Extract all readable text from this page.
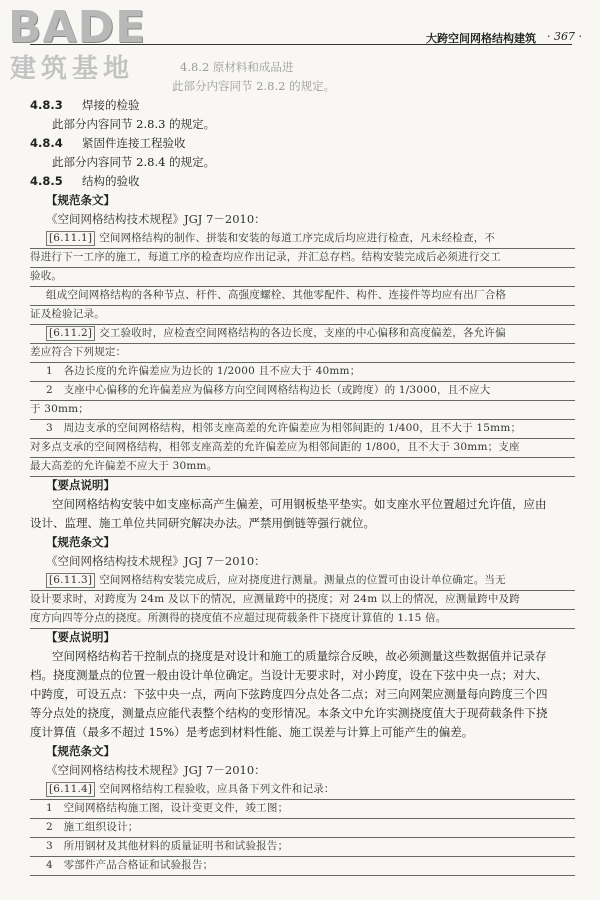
BADE	大跨空间网格结构建筑 · 367 ·
建筑基地	4.8.2 原材料和成品进
此部分内容同节 2.8.2 的规定。
4.8.3 焊接的检验
此部分内容同节 2.8.3 的规定。
4.8.4 紧固件连接工程验收
此部分内容同节 2.8.4 的规定。
4.8.5 结构的验收
【规范条文】
《空间网格结构技术规程》JGJ 7－2010：
[6.11.1] 空间网格结构的制作、拼装和安装的每道工序完成后均应进行检查，凡未经检查，不
得进行下一工序的施工，每道工序的检查均应作出记录，并汇总存档。结构安装完成后必须进行交工
验收。
组成空间网格结构的各种节点、杆件、高强度螺栓、其他零配件、构件、连接件等均应有出厂合格
证及检验记录。
[6.11.2] 交工验收时，应检查空间网格结构的各边长度，支座的中心偏移和高度偏差，各允许偏
差应符合下列规定：
1　各边长度的允许偏差应为边长的 1/2000 且不应大于 40mm；
2　支座中心偏移的允许偏差应为偏移方向空间网格结构边长（或跨度）的 1/3000，且不应大
于 30mm；
3　周边支承的空间网格结构，相邻支座高差的允许偏差应为相邻间距的 1/400，且不大于 15mm；
对多点支承的空间网格结构，相邻支座高差的允许偏差应为相邻间距的 1/800，且不大于 30mm；支座
最大高差的允许偏差不应大于 30mm。
【要点说明】
空间网格结构安装中如支座标高产生偏差，可用钢板垫平垫实。如支座水平位置超过允许值，应由
设计、监理、施工单位共同研究解决办法。严禁用倒链等强行就位。
【规范条文】
《空间网格结构技术规程》JGJ 7－2010：
[6.11.3] 空间网格结构安装完成后，应对挠度进行测量。测量点的位置可由设计单位确定。当无
设计要求时，对跨度为 24m 及以下的情况，应测量跨中的挠度；对 24m 以上的情况，应测量跨中及跨
度方向四等分点的挠度。所测得的挠度值不应超过现荷载条件下挠度计算值的 1.15 倍。
【要点说明】
空间网格结构若干控制点的挠度是对设计和施工的质量综合反映，故必须测量这些数据值并记录存
档。挠度测量点的位置一般由设计单位确定。当设计无要求时，对小跨度，设在下弦中央一点；对大、
中跨度，可设五点：下弦中央一点，两向下弦跨度四分点处各二点；对三向网架应测量每向跨度三个四
等分点处的挠度，测量点应能代表整个结构的变形情况。本条文中允许实测挠度值大于现荷载条件下挠
度计算值（最多不超过 15%）是考虑到材料性能、施工误差与计算上可能产生的偏差。
【规范条文】
《空间网格结构技术规程》JGJ 7－2010：
[6.11.4] 空间网格结构工程验收，应具备下列文件和记录：
1　空间网格结构施工图，设计变更文件，竣工图；
2　施工组织设计；
3　所用钢材及其他材料的质量证明书和试验报告；
4　零部件产品合格证和试验报告；
